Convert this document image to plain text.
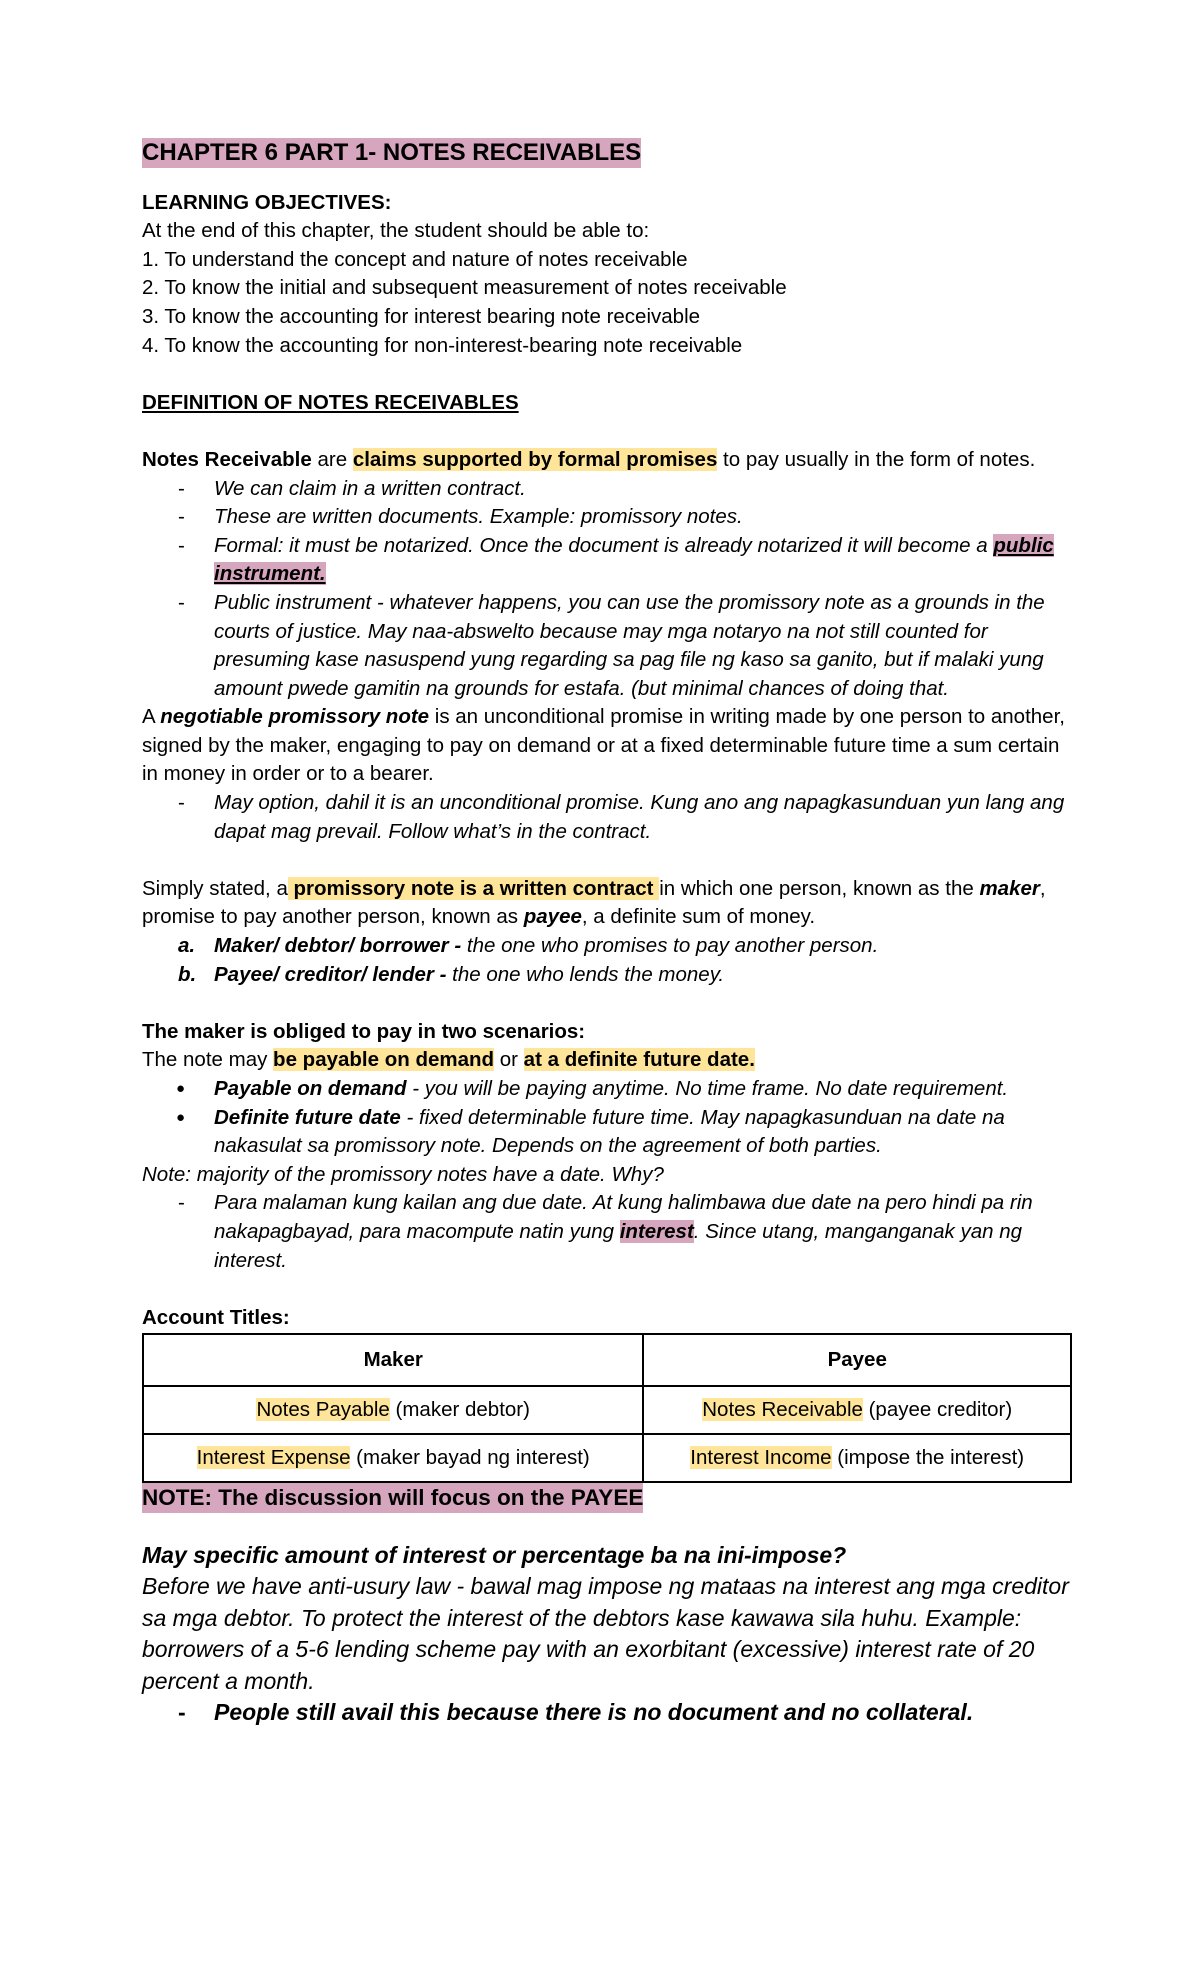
CHAPTER 6 PART 1- NOTES RECEIVABLES

LEARNING OBJECTIVES:

At the end of this chapter, the student should be able to:

1. To understand the concept and nature of notes receivable

2. To know the initial and subsequent measurement of notes receivable

3. To know the accounting for interest bearing note receivable

4. To know the accounting for non-interest-bearing note receivable

DEFINITION OF NOTES RECEIVABLES

Notes Receivable are claims supported by formal promises to pay usually in the form of notes.

- We can claim in a written contract.
- These are written documents. Example: promissory notes.
- Formal: it must be notarized. Once the document is already notarized it will become a public instrument.
- Public instrument - whatever happens, you can use the promissory note as a grounds in the courts of justice. May naa-abswelto because may mga notaryo na not still counted for presuming kase nasuspend yung regarding sa pag file ng kaso sa ganito, but if malaki yung amount pwede gamitin na grounds for estafa. (but minimal chances of doing that.

A negotiable promissory note is an unconditional promise in writing made by one person to another, signed by the maker, engaging to pay on demand or at a fixed determinable future time a sum certain in money in order or to a bearer.

- May option, dahil it is an unconditional promise. Kung ano ang napagkasunduan yun lang ang dapat mag prevail. Follow what’s in the contract.

Simply stated, a promissory note is a written contract in which one person, known as the maker,

promise to pay another person, known as payee, a definite sum of money.

a. Maker/ debtor/ borrower - the one who promises to pay another person.
b. Payee/ creditor/ lender - the one who lends the money.

The maker is obliged to pay in two scenarios:

The note may be payable on demand or at a definite future date.

● Payable on demand - you will be paying anytime. No time frame. No date requirement.
● Definite future date - fixed determinable future time. May napagkasunduan na date na nakasulat sa promissory note. Depends on the agreement of both parties.

Note: majority of the promissory notes have a date. Why?

- Para malaman kung kailan ang due date. At kung halimbawa due date na pero hindi pa rin nakapagbayad, para macompute natin yung interest. Since utang, manganganak yan ng interest.

Account Titles:

Maker	Payee
Notes Payable (maker debtor)	Notes Receivable (payee creditor)
Interest Expense (maker bayad ng interest)	Interest Income (impose the interest)
NOTE: The discussion will focus on the PAYEE

May specific amount of interest or percentage ba na ini-impose?

Before we have anti-usury law - bawal mag impose ng mataas na interest ang mga creditor sa mga debtor. To protect the interest of the debtors kase kawawa sila huhu. Example: borrowers of a 5-6 lending scheme pay with an exorbitant (excessive) interest rate of 20 percent a month.

- People still avail this because there is no document and no collateral.
